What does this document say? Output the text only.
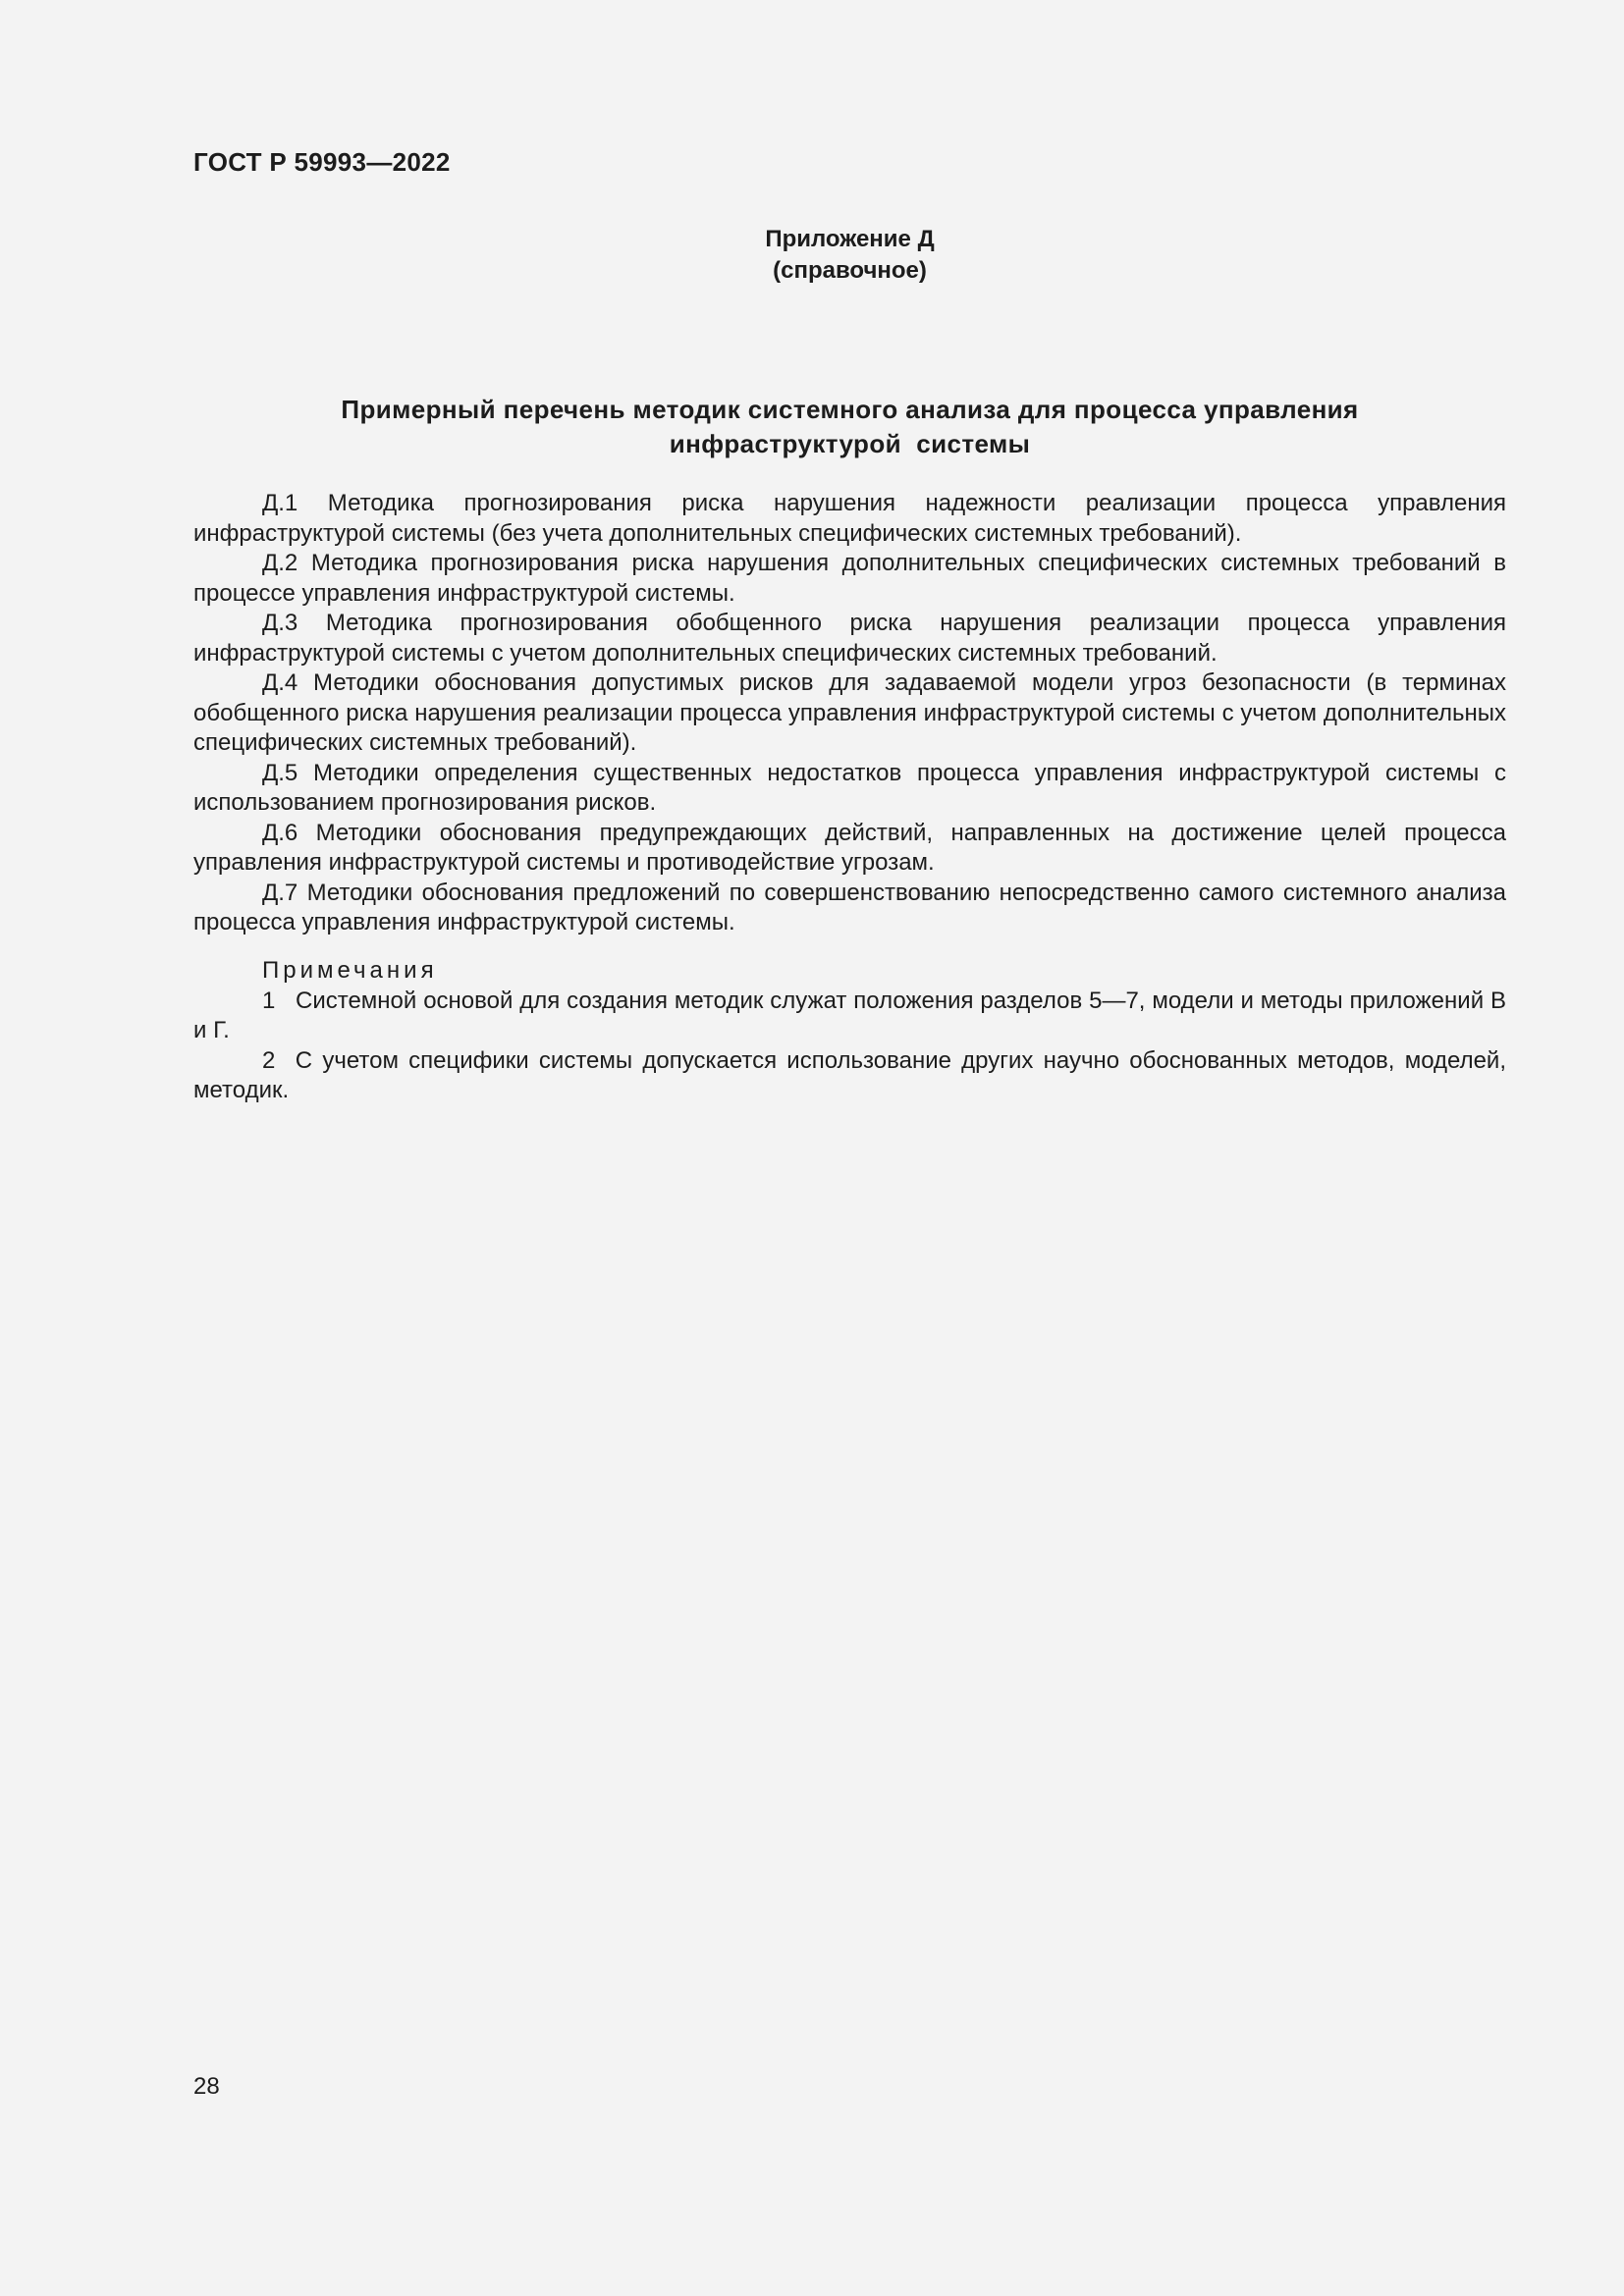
ГОСТ Р 59993—2022
Приложение Д
(справочное)
Примерный перечень методик системного анализа для процесса управления
инфраструктурой  системы

Д.1 Методика прогнозирования риска нарушения надежности реализации процесса управления инфраструктурой системы (без учета дополнительных специфических системных требований).

Д.2 Методика прогнозирования риска нарушения дополнительных специфических системных требований в процессе управления инфраструктурой системы.

Д.3 Методика прогнозирования обобщенного риска нарушения реализации процесса управления инфраструктурой системы с учетом дополнительных специфических системных требований.

Д.4 Методики обоснования допустимых рисков для задаваемой модели угроз безопасности (в терминах обобщенного риска нарушения реализации процесса управления инфраструктурой системы с учетом дополнительных специфических системных требований).

Д.5 Методики определения существенных недостатков процесса управления инфраструктурой системы с использованием прогнозирования рисков.

Д.6 Методики обоснования предупреждающих действий, направленных на достижение целей процесса управления инфраструктурой системы и противодействие угрозам.

Д.7 Методики обоснования предложений по совершенствованию непосредственно самого системного анализа процесса управления инфраструктурой системы.

Примечания

1   Системной основой для создания методик служат положения разделов 5—7, модели и методы приложений В и Г.

2  С учетом специфики системы допускается использование других научно обоснованных методов, моделей, методик.

28
